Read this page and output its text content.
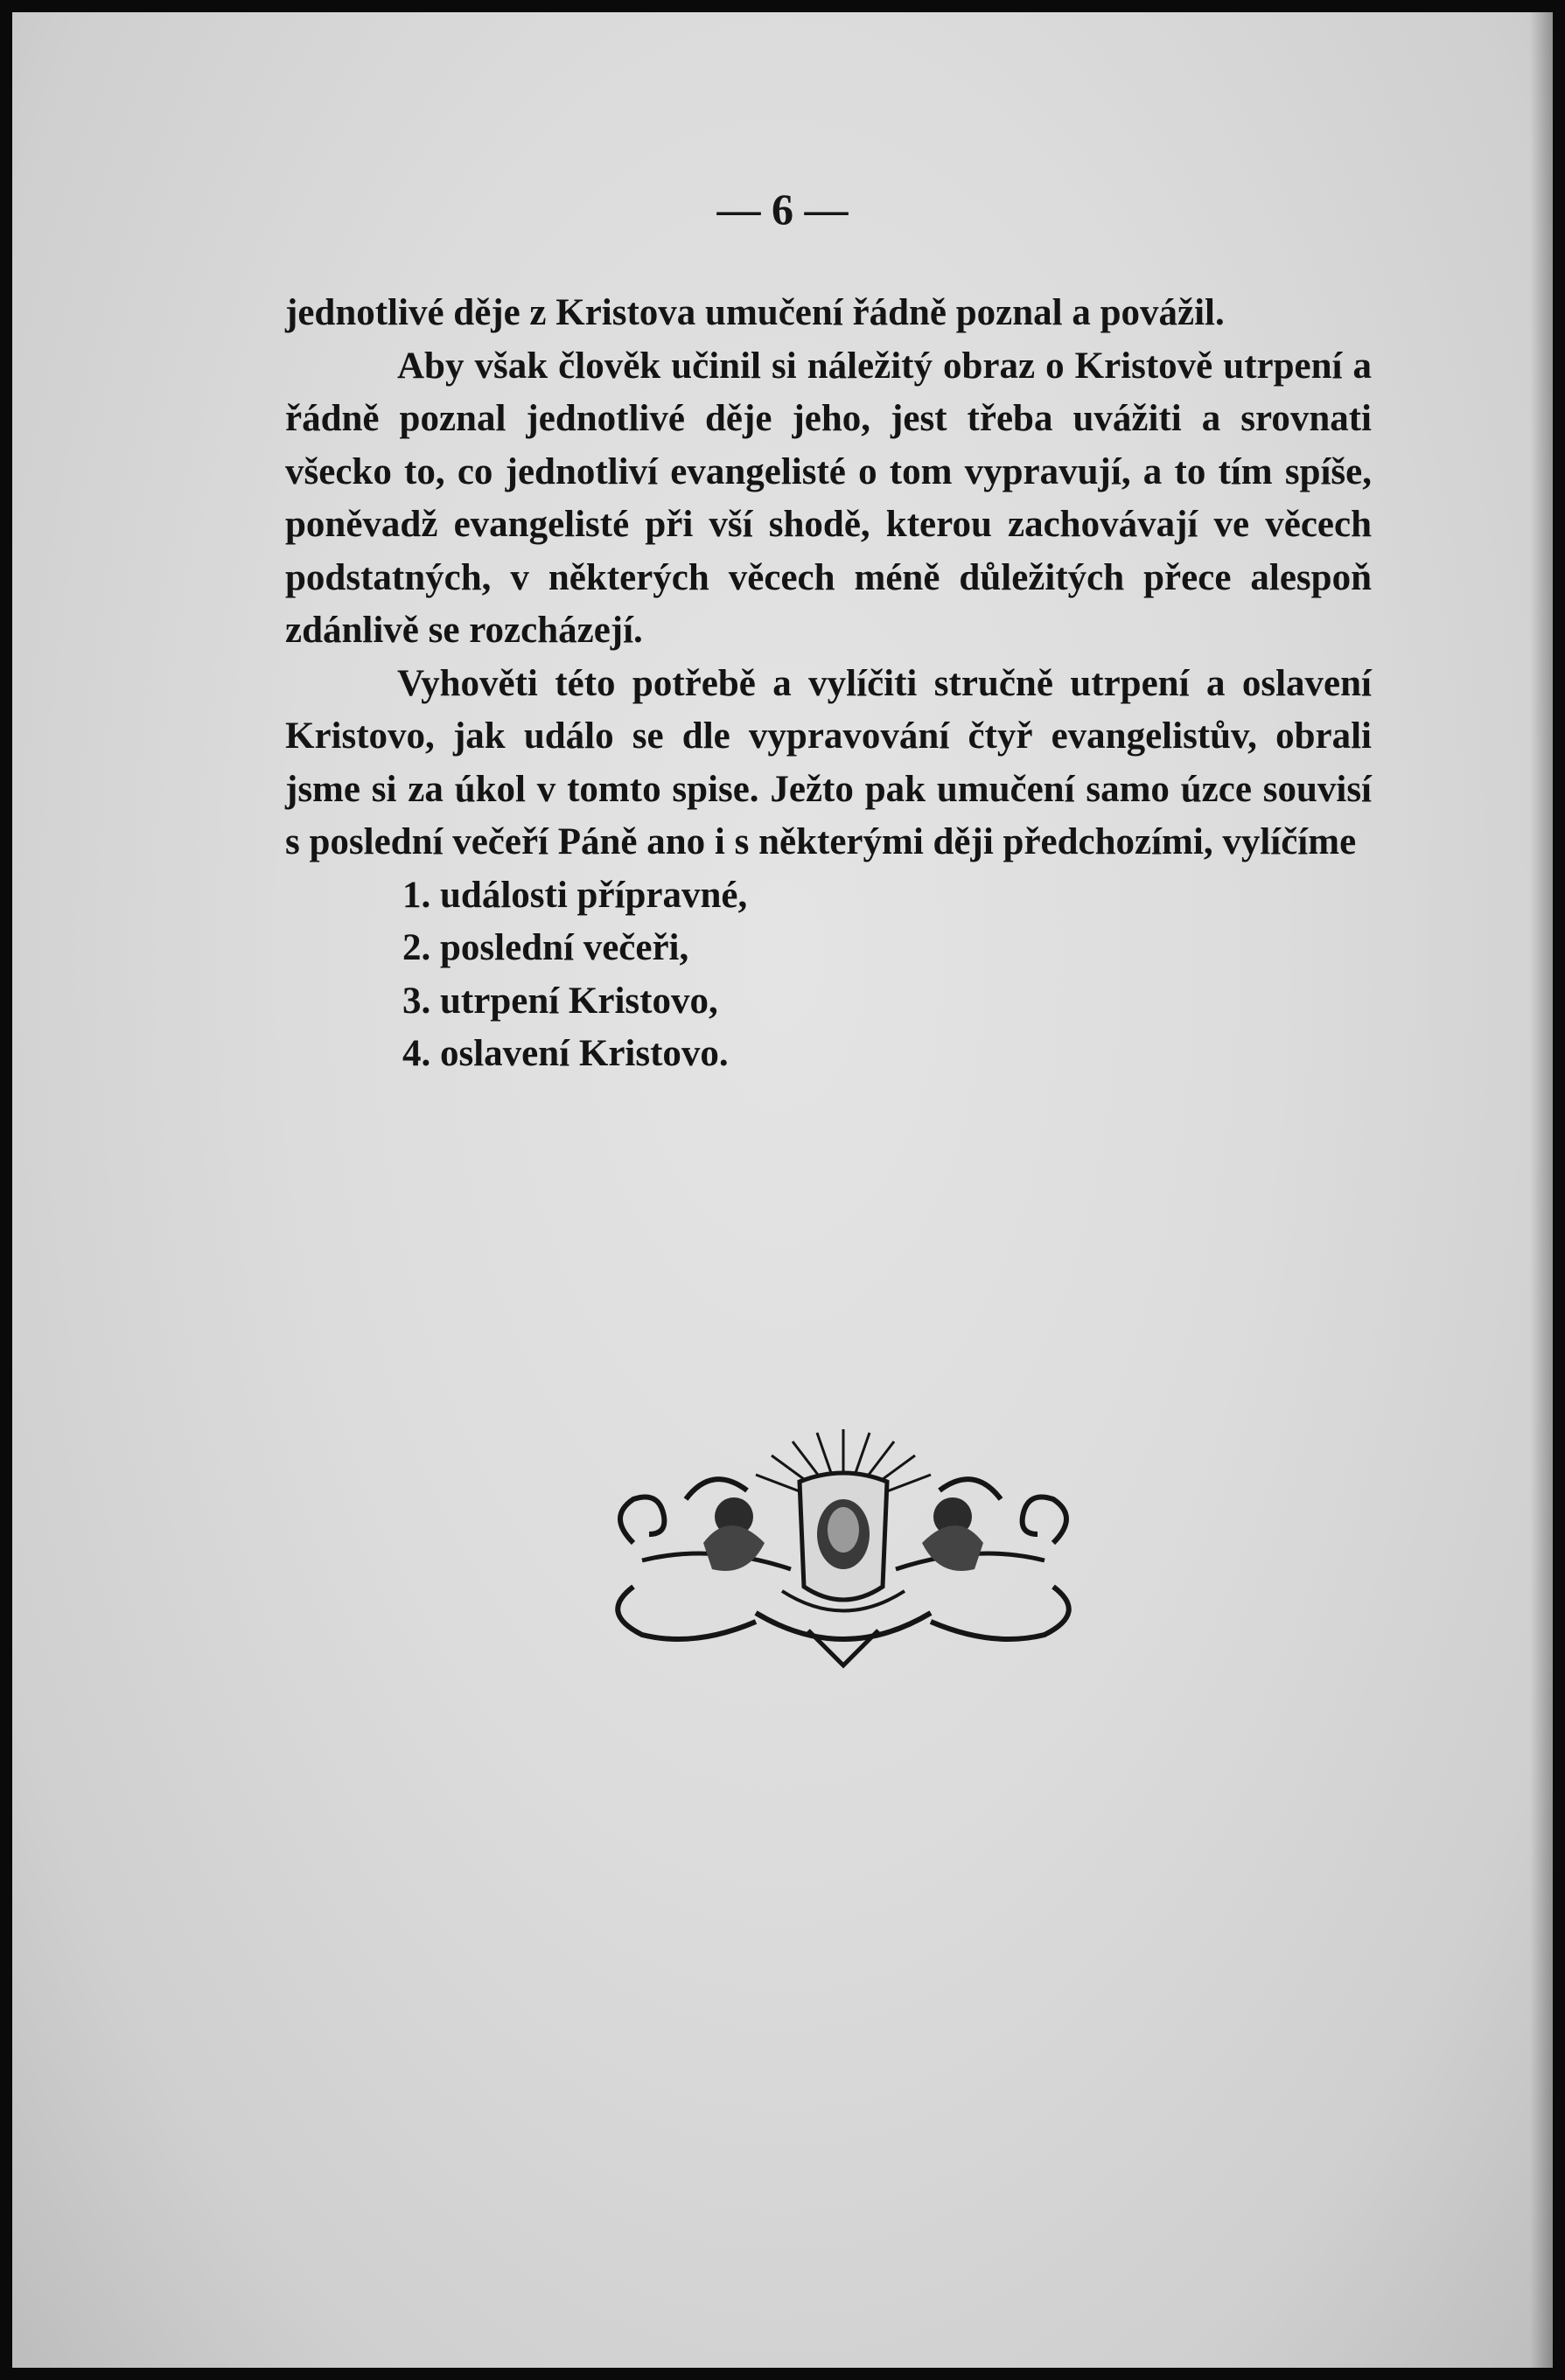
— 6 —

jednotlivé děje z Kristova umučení řádně poznal a povážil.

Aby však člověk učinil si náležitý obraz o Kristově utrpení a řádně poznal jednotlivé děje jeho, jest třeba uvážiti a srovnati všecko to, co jednotliví evangelisté o tom vypravují, a to tím spíše, poněvadž evangelisté při vší shodě, kterou zachovávají ve věcech podstatných, v některých věcech méně důležitých přece alespoň zdánlivě se rozcházejí.

Vyhověti této potřebě a vylíčiti stručně utrpení a oslavení Kristovo, jak událo se dle vypravování čtyř evangelistův, obrali jsme si za úkol v tomto spise. Ježto pak umučení samo úzce souvisí s poslední večeří Páně ano i s některými ději předchozími, vylíčíme

1. události přípravné,
2. poslední večeři,
3. utrpení Kristovo,
4. oslavení Kristovo.
